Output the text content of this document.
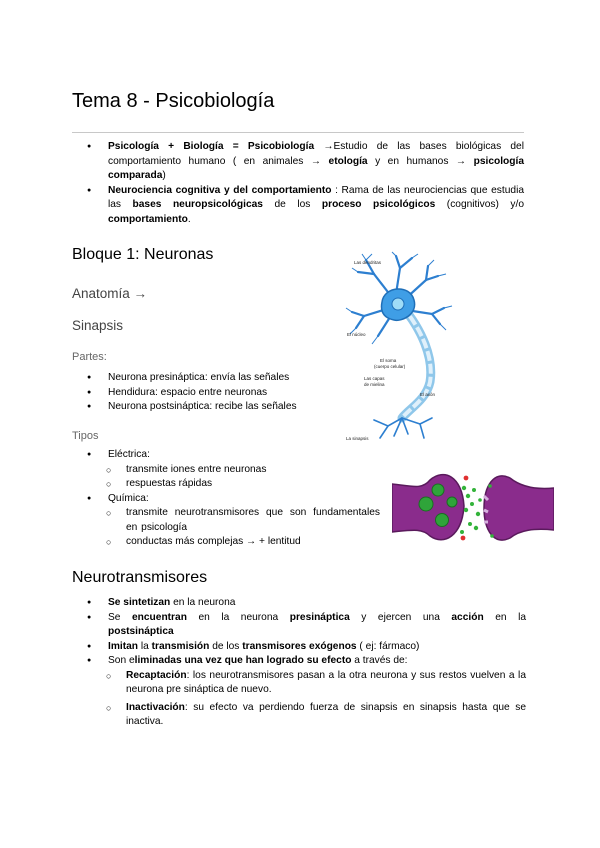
Tema 8 - Psicobiología
● Psicología + Biología = Psicobiología →Estudio de las bases biológicas del comportamiento humano ( en animales → etología y en humanos → psicología comparada)
● Neurociencia cognitiva y del comportamiento : Rama de las neurociencias que estudia las bases neuropsicológicas de los proceso psicológicos (cognitivos) y/o comportamiento.
Bloque 1: Neuronas
Anatomía →
Sinapsis
Partes:
● Neurona presináptica: envía las señales
● Hendidura: espacio entre neuronas
● Neurona postsináptica: recibe las señales
Tipos
● Eléctrica:
○ transmite iones entre neuronas
○ respuestas rápidas
● Química:
○ transmite neurotransmisores que son fundamentales en psicología
○ conductas más complejas → + lentitud
Las dendritas
El núcleo
El soma
(cuerpo celular)
Las capas
de mielina
El axón
La sinapsis
Neurotransmisores
● Se sintetizan en la neurona
● Se encuentran en la neurona presináptica y ejercen una acción en la postsináptica
● Imitan la transmisión de los transmisores exógenos ( ej: fármaco)
● Son eliminadas una vez que han logrado su efecto a través de:
○ Recaptación: los neurotransmisores pasan a la otra neurona y sus restos vuelven a la neurona pre sináptica de nuevo.
○ Inactivación: su efecto va perdiendo fuerza de sinapsis en sinapsis hasta que se inactiva.
